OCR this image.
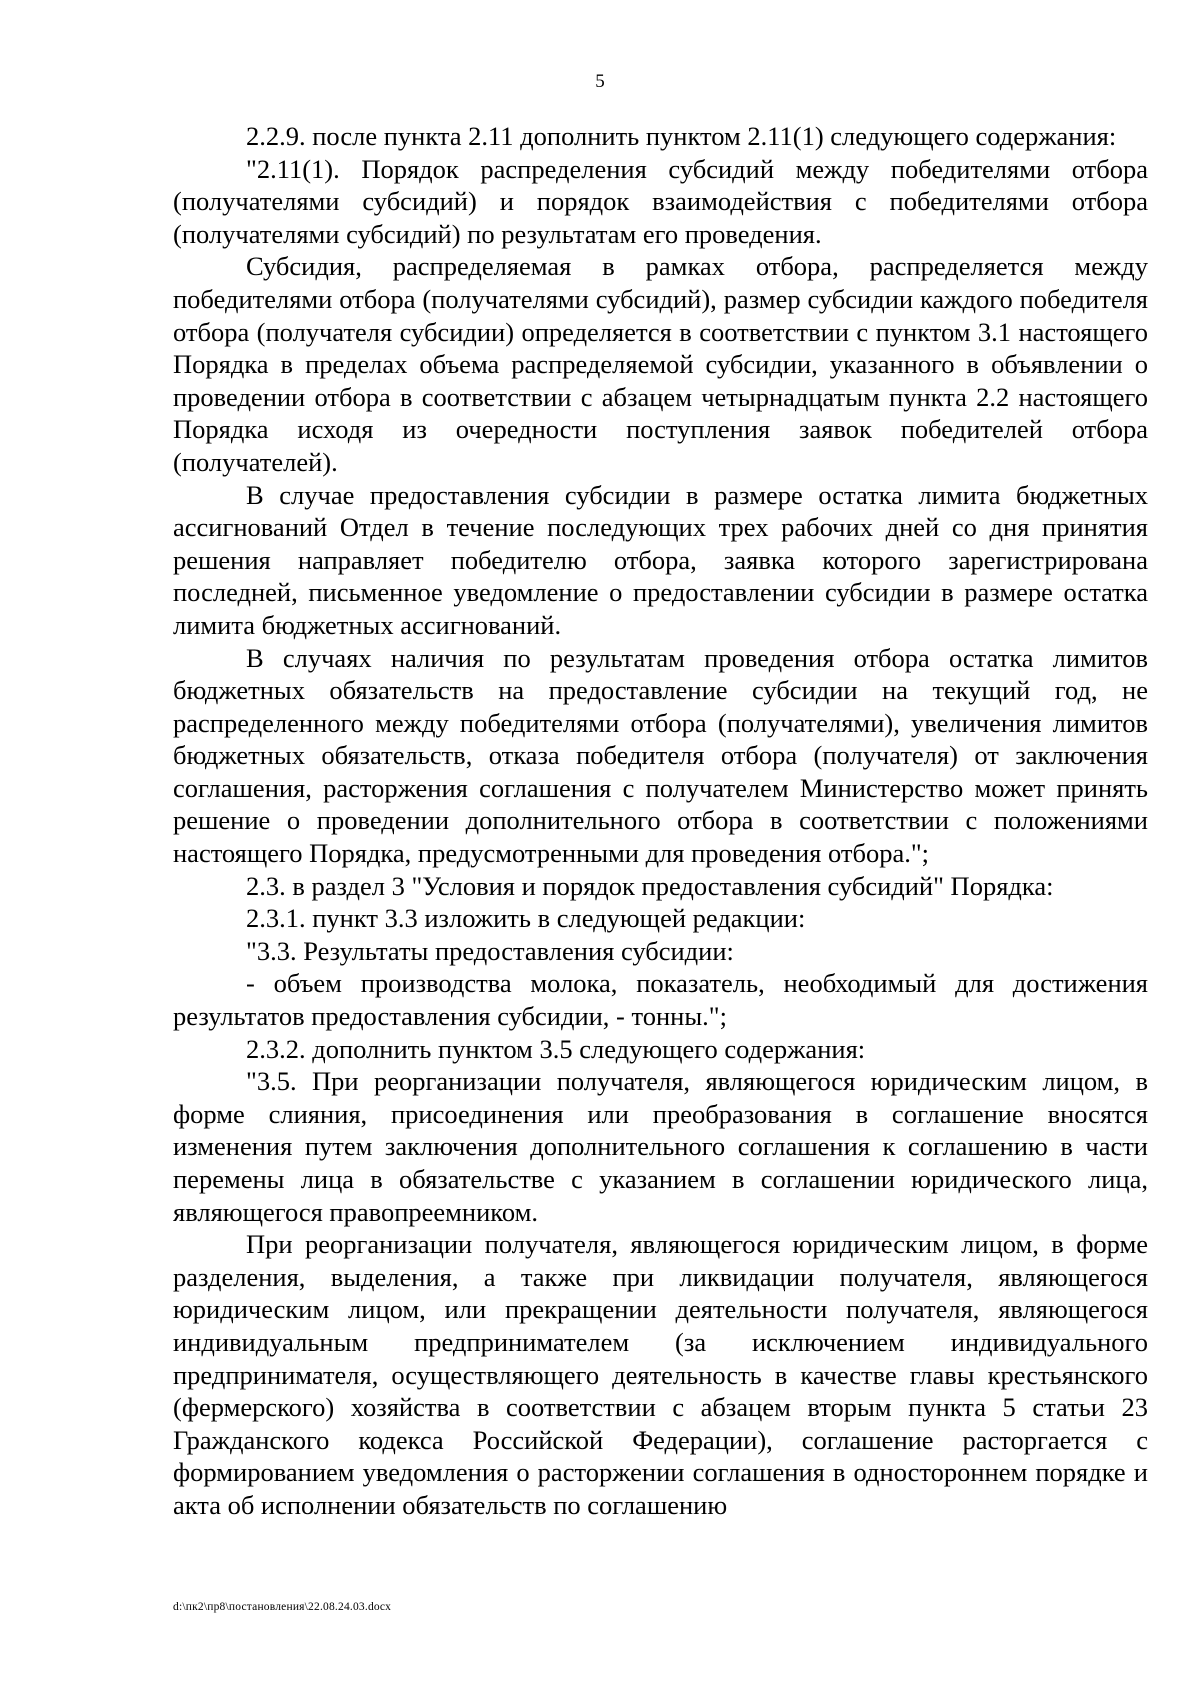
5

2.2.9. после пункта 2.11 дополнить пунктом 2.11(1) следующего содержания:

"2.11(1). Порядок распределения субсидий между победителями отбора (получателями субсидий) и порядок взаимодействия с победителями отбора (получателями субсидий) по результатам его проведения.

Субсидия, распределяемая в рамках отбора, распределяется между победителями отбора (получателями субсидий), размер субсидии каждого победителя отбора (получателя субсидии) определяется в соответствии с пунктом 3.1 настоящего Порядка в пределах объема распределяемой субсидии, указанного в объявлении о проведении отбора в соответствии с абзацем четырнадцатым пункта 2.2 настоящего Порядка исходя из очередности поступления заявок победителей отбора (получателей).

В случае предоставления субсидии в размере остатка лимита бюджетных ассигнований Отдел в течение последующих трех рабочих дней со дня принятия решения направляет победителю отбора, заявка которого зарегистрирована последней, письменное уведомление о предоставлении субсидии в размере остатка лимита бюджетных ассигнований.

В случаях наличия по результатам проведения отбора остатка лимитов бюджетных обязательств на предоставление субсидии на текущий год, не распределенного между победителями отбора (получателями), увеличения лимитов бюджетных обязательств, отказа победителя отбора (получателя) от заключения соглашения, расторжения соглашения с получателем Министерство может принять решение о проведении дополнительного отбора в соответствии с положениями настоящего Порядка, предусмотренными для проведения отбора.";

2.3. в раздел 3 "Условия и порядок предоставления субсидий" Порядка:

2.3.1. пункт 3.3 изложить в следующей редакции:

"3.3. Результаты предоставления субсидии:

- объем производства молока, показатель, необходимый для достижения результатов предоставления субсидии, - тонны.";

2.3.2. дополнить пунктом 3.5 следующего содержания:

"3.5. При реорганизации получателя, являющегося юридическим лицом, в форме слияния, присоединения или преобразования в соглашение вносятся изменения путем заключения дополнительного соглашения к соглашению в части перемены лица в обязательстве с указанием в соглашении юридического лица, являющегося правопреемником.

При реорганизации получателя, являющегося юридическим лицом, в форме разделения, выделения, а также при ликвидации получателя, являющегося юридическим лицом, или прекращении деятельности получателя, являющегося индивидуальным предпринимателем (за исключением индивидуального предпринимателя, осуществляющего деятельность в качестве главы крестьянского (фермерского) хозяйства в соответствии с абзацем вторым пункта 5 статьи 23 Гражданского кодекса Российской Федерации), соглашение расторгается с формированием уведомления о расторжении соглашения в одностороннем порядке и акта об исполнении обязательств по соглашению

d:\пк2\пр8\постановления\22.08.24.03.docx
